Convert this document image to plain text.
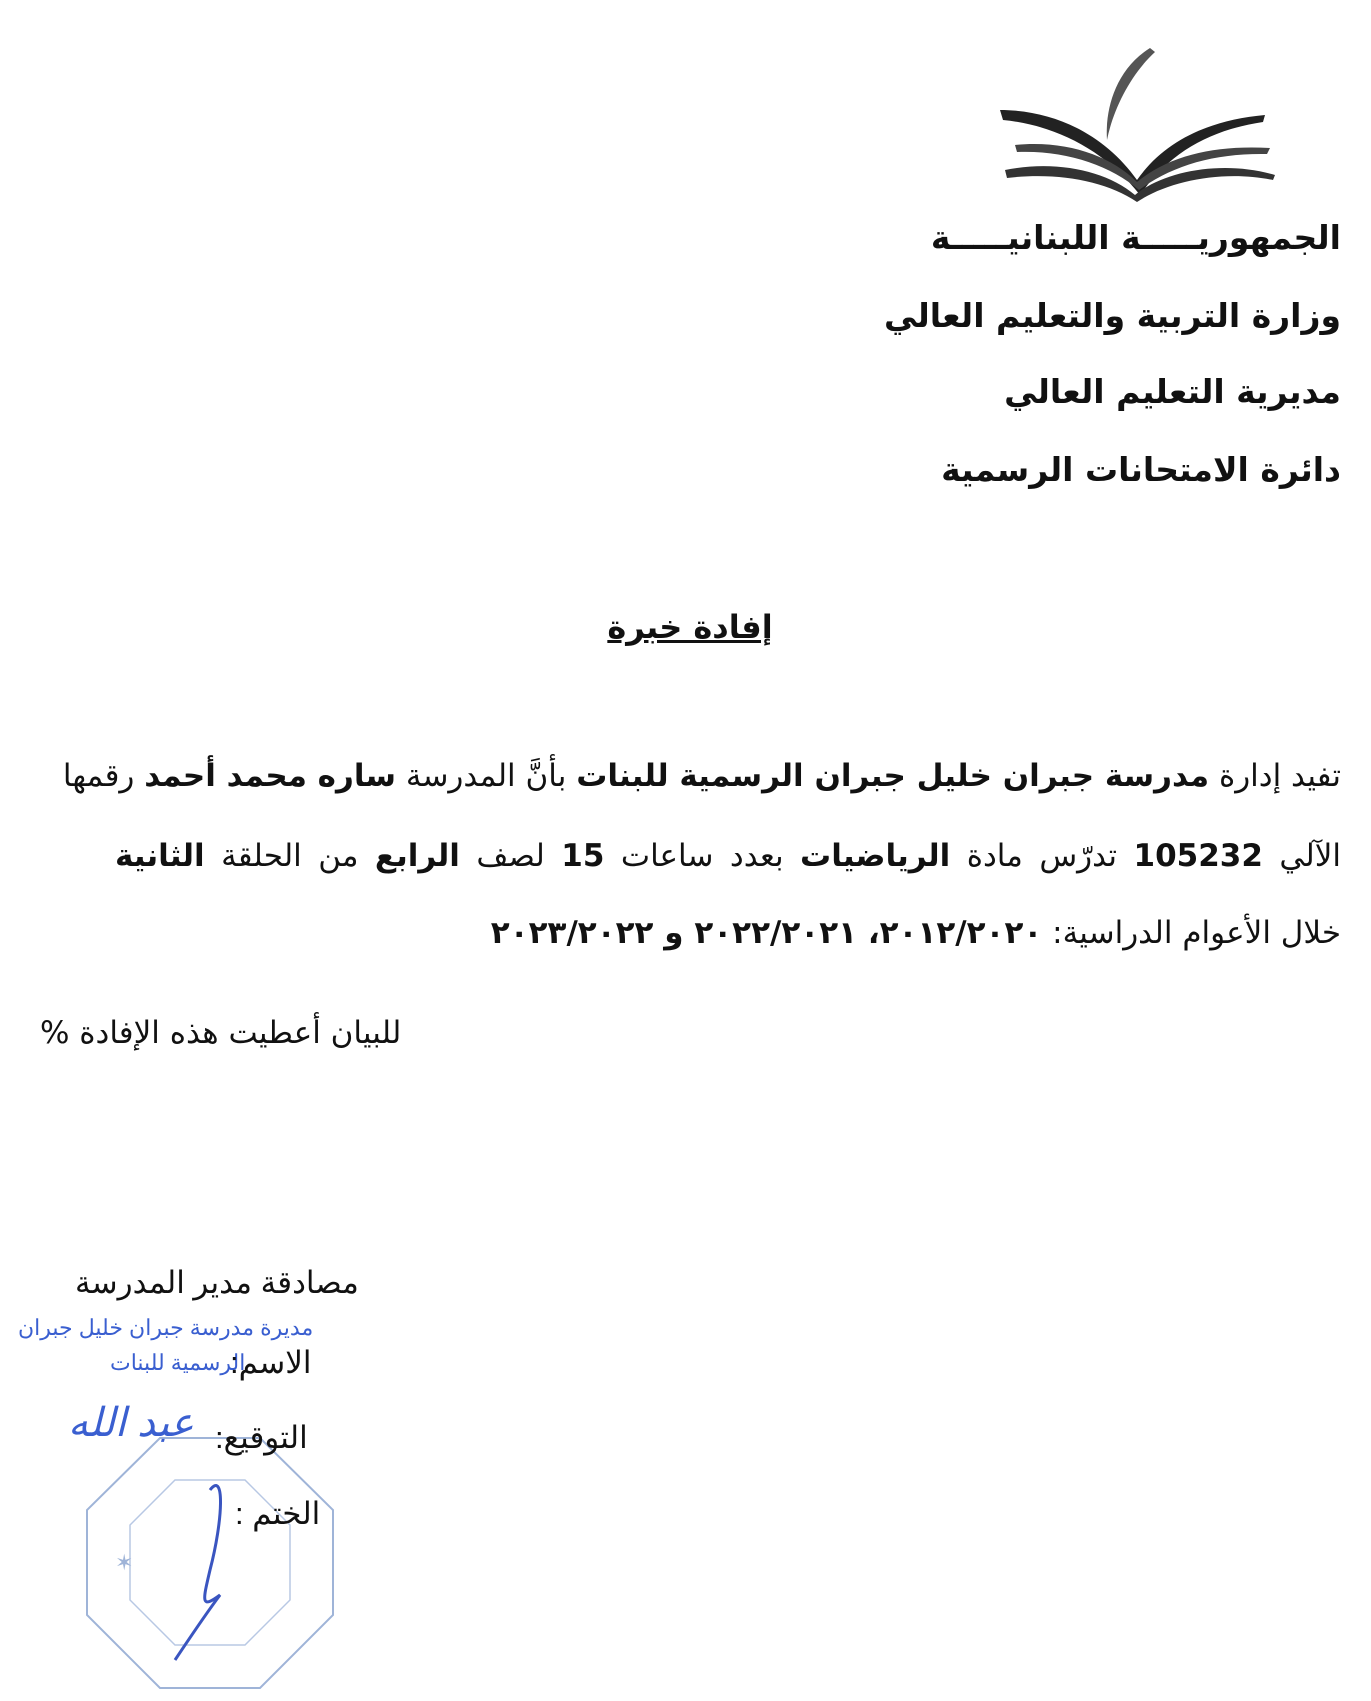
الجمهوريـــــة اللبنانيـــــة
وزارة التربية والتعليم العالي
مديرية التعليم العالي
دائرة الامتحانات الرسمية
إفادة خبرة
تفيد إدارة مدرسة جبران خليل جبران الرسمية للبنات بأنَّ المدرسة ساره محمد أحمد رقمها
الآلي 105232 تدرّس مادة الرياضيات بعدد ساعات 15 لصف الرابع من الحلقة الثانية
خلال الأعوام الدراسية: ٢٠١٢/٢٠٢٠، ٢٠٢٢/٢٠٢١ و ٢٠٢٣/٢٠٢٢
للبيان أعطيت هذه الإفادة %
✶
مصادقة مدير المدرسة
مديرة مدرسة جبران خليل جبران
الرسمية للبنات
الاسم:
عبد الله التوقيع:
الختم :
